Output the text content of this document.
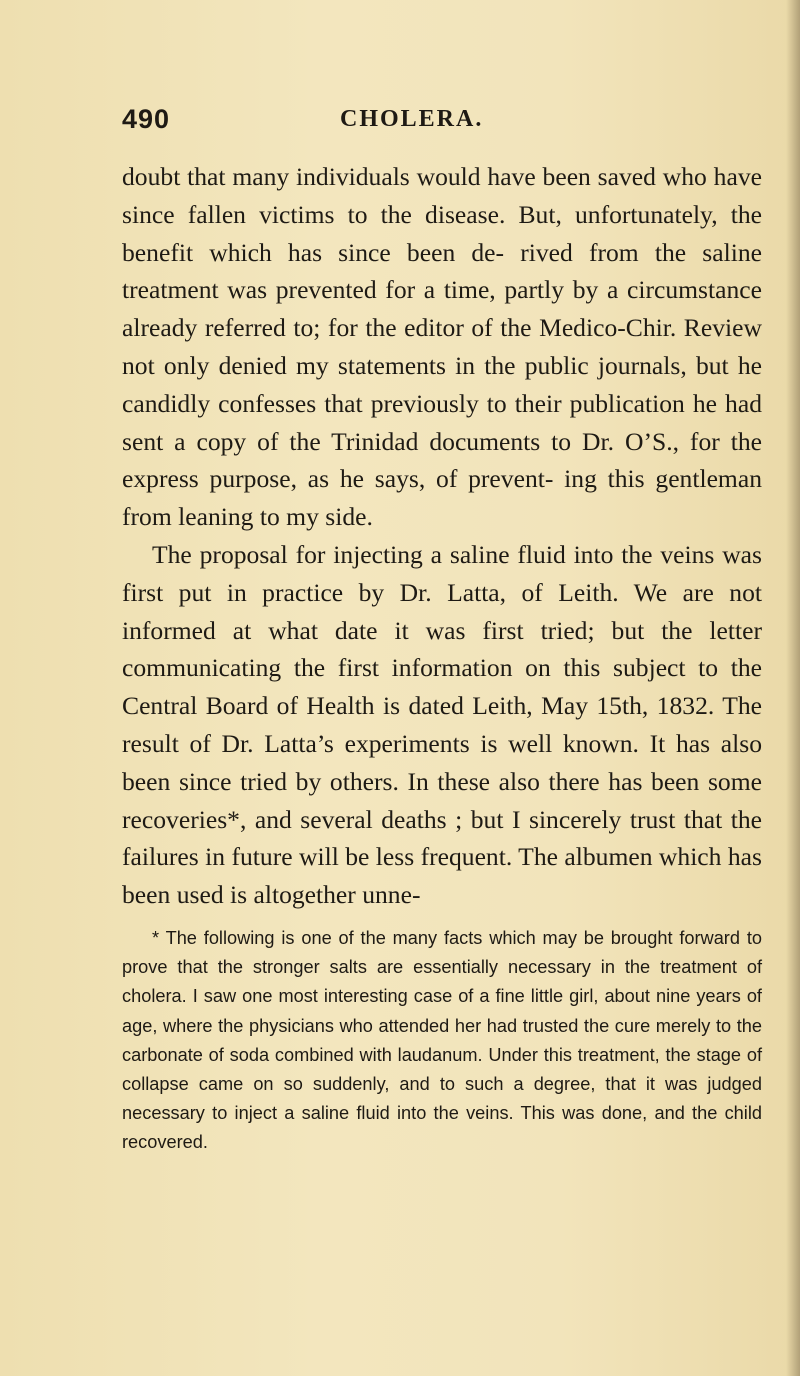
490	CHOLERA.

doubt that many individuals would have been saved who have since fallen victims to the disease. But, unfortunately, the benefit which has since been de- rived from the saline treatment was prevented for a time, partly by a circumstance already referred to; for the editor of the Medico-Chir. Review not only denied my statements in the public journals, but he candidly confesses that previously to their publication he had sent a copy of the Trinidad documents to Dr. O’S., for the express purpose, as he says, of prevent- ing this gentleman from leaning to my side.

The proposal for injecting a saline fluid into the veins was first put in practice by Dr. Latta, of Leith. We are not informed at what date it was first tried; but the letter communicating the first information on this subject to the Central Board of Health is dated Leith, May 15th, 1832. The result of Dr. Latta’s experiments is well known. It has also been since tried by others. In these also there has been some recoveries*, and several deaths ; but I sincerely trust that the failures in future will be less frequent. The albumen which has been used is altogether unne-

* The following is one of the many facts which may be brought forward to prove that the stronger salts are essentially necessary in the treatment of cholera. I saw one most interesting case of a fine little girl, about nine years of age, where the physicians who attended her had trusted the cure merely to the carbonate of soda combined with laudanum. Under this treatment, the stage of collapse came on so suddenly, and to such a degree, that it was judged necessary to inject a saline fluid into the veins. This was done, and the child recovered.
